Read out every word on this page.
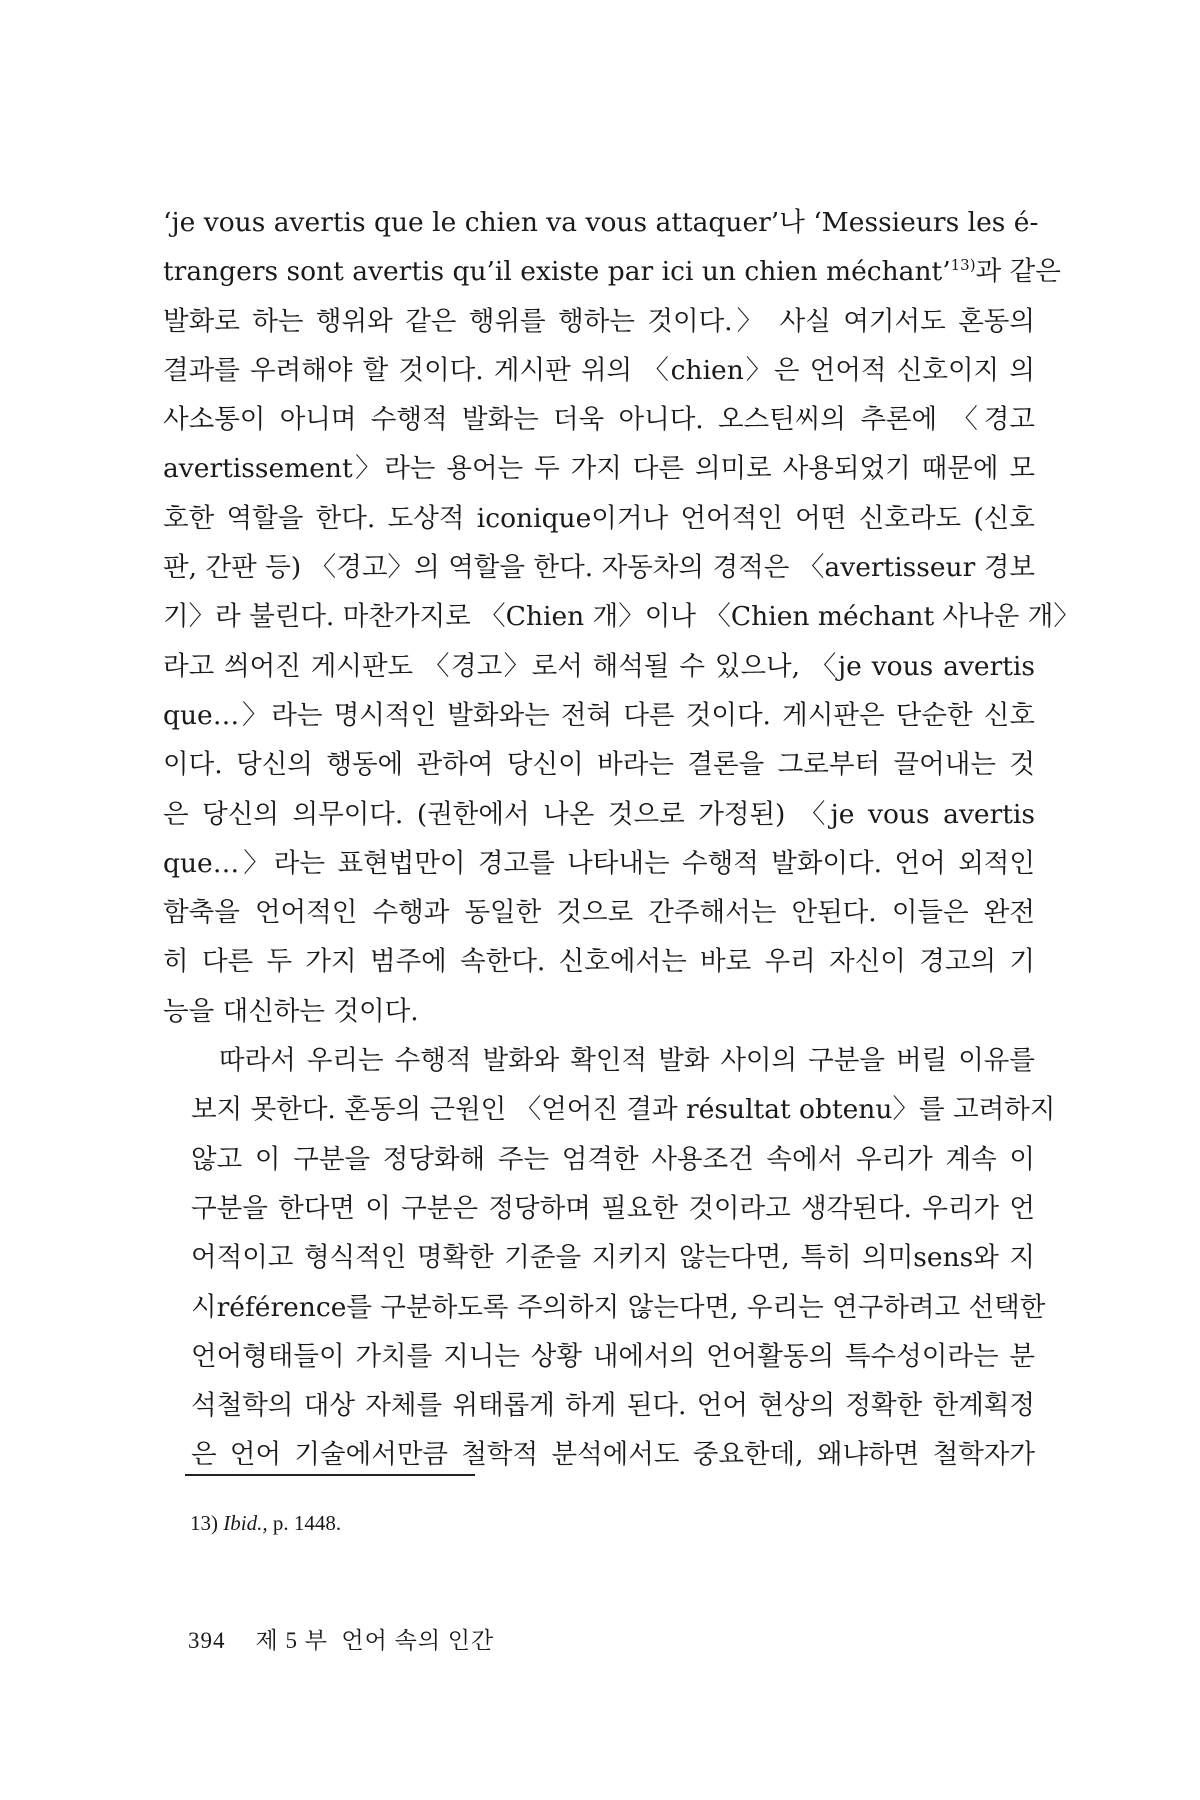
‘je vous avertis que le chien va vous attaquer’나 ‘Messieurs les é-
trangers sont avertis qu’il existe par ici un chien méchant’$^{13)}$과 같은
발화로 하는 행위와 같은 행위를 행하는 것이다.〉 사실 여기서도 혼동의
결과를 우려해야 할 것이다. 게시판 위의 〈chien〉은 언어적 신호이지 의
사소통이 아니며 수행적 발화는 더욱 아니다. 오스틴씨의 추론에 〈경고
avertissement〉라는 용어는 두 가지 다른 의미로 사용되었기 때문에 모
호한 역할을 한다. 도상적 iconique이거나 언어적인 어떤 신호라도 (신호
판, 간판 등) 〈경고〉의 역할을 한다. 자동차의 경적은 〈avertisseur 경보
기〉라 불린다. 마찬가지로 〈Chien 개〉이나 〈Chien méchant 사나운 개〉
라고 씌어진 게시판도 〈경고〉로서 해석될 수 있으나, 〈je vous avertis
que…〉라는 명시적인 발화와는 전혀 다른 것이다. 게시판은 단순한 신호
이다. 당신의 행동에 관하여 당신이 바라는 결론을 그로부터 끌어내는 것
은 당신의 의무이다. (권한에서 나온 것으로 가정된) 〈je vous avertis
que…〉라는 표현법만이 경고를 나타내는 수행적 발화이다. 언어 외적인
함축을 언어적인 수행과 동일한 것으로 간주해서는 안된다. 이들은 완전
히 다른 두 가지 범주에 속한다. 신호에서는 바로 우리 자신이 경고의 기
능을 대신하는 것이다.

따라서 우리는 수행적 발화와 확인적 발화 사이의 구분을 버릴 이유를
보지 못한다. 혼동의 근원인 〈얻어진 결과 résultat obtenu〉를 고려하지
않고 이 구분을 정당화해 주는 엄격한 사용조건 속에서 우리가 계속 이
구분을 한다면 이 구분은 정당하며 필요한 것이라고 생각된다. 우리가 언
어적이고 형식적인 명확한 기준을 지키지 않는다면, 특히 의미sens와 지
시référence를 구분하도록 주의하지 않는다면, 우리는 연구하려고 선택한
언어형태들이 가치를 지니는 상황 내에서의 언어활동의 특수성이라는 분
석철학의 대상 자체를 위태롭게 하게 된다. 언어 현상의 정확한 한계획정
은 언어 기술에서만큼 철학적 분석에서도 중요한데, 왜냐하면 철학자가

13) Ibid., p. 1448.
394 제 5 부  언어 속의 인간
